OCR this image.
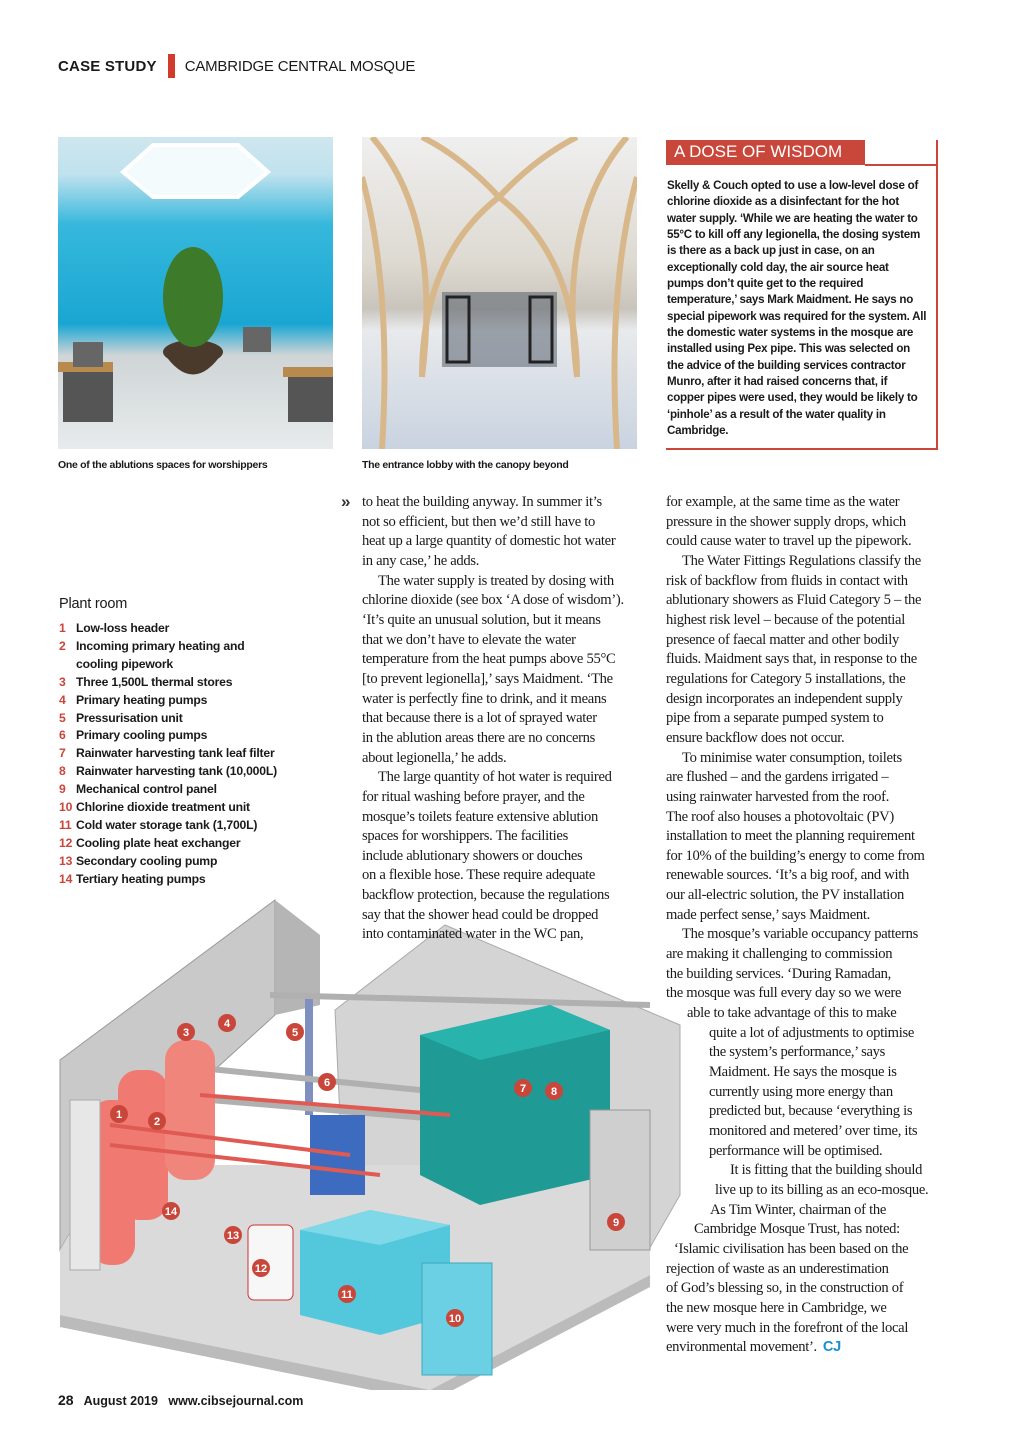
CASE STUDY CAMBRIDGE CENTRAL MOSQUE
One of the ablutions spaces for worshippers	The entrance lobby with the canopy beyond
A DOSE OF WISDOM
Skelly & Couch opted to use a low-level dose of chlorine dioxide as a disinfectant for the hot water supply. ‘While we are heating the water to 55°C to kill off any legionella, the dosing system is there as a back up just in case, on an exceptionally cold day, the air source heat pumps don’t quite get to the required temperature,’ says Mark Maidment. He says no special pipework was required for the system. All the domestic water systems in the mosque are installed using Pex pipe. This was selected on the advice of the building services contractor Munro, after it had raised concerns that, if copper pipes were used, they would be likely to ‘pinhole’ as a result of the water quality in Cambridge.
» to heat the building anyway. In summer it’s
not so efficient, but then we’d still have to
heat up a large quantity of domestic hot water
in any case,’ he adds.
The water supply is treated by dosing with
chlorine dioxide (see box ‘A dose of wisdom’).
‘It’s quite an unusual solution, but it means
that we don’t have to elevate the water
temperature from the heat pumps above 55°C
[to prevent legionella],’ says Maidment. ‘The
water is perfectly fine to drink, and it means
that because there is a lot of sprayed water
in the ablution areas there are no concerns
about legionella,’ he adds.
The large quantity of hot water is required
for ritual washing before prayer, and the
mosque’s toilets feature extensive ablution
spaces for worshippers. The facilities
include ablutionary showers or douches
on a flexible hose. These require adequate
backflow protection, because the regulations
say that the shower head could be dropped
into contaminated water in the WC pan,
for example, at the same time as the water
pressure in the shower supply drops, which
could cause water to travel up the pipework.
The Water Fittings Regulations classify the
risk of backflow from fluids in contact with
ablutionary showers as Fluid Category 5 – the
highest risk level – because of the potential
presence of faecal matter and other bodily
fluids. Maidment says that, in response to the
regulations for Category 5 installations, the
design incorporates an independent supply
pipe from a separate pumped system to
ensure backflow does not occur.
To minimise water consumption, toilets
are flushed – and the gardens irrigated –
using rainwater harvested from the roof.
The roof also houses a photovoltaic (PV)
installation to meet the planning requirement
for 10% of the building’s energy to come from
renewable sources. ‘It’s a big roof, and with
our all-electric solution, the PV installation
made perfect sense,’ says Maidment.
The mosque’s variable occupancy patterns
are making it challenging to commission
the building services. ‘During Ramadan,
the mosque was full every day so we were
able to take advantage of this to make
quite a lot of adjustments to optimise
the system’s performance,’ says
Maidment. He says the mosque is
currently using more energy than
predicted but, because ‘everything is
monitored and metered’ over time, its
performance will be optimised.
It is fitting that the building should
live up to its billing as an eco-mosque.
As Tim Winter, chairman of the
Cambridge Mosque Trust, has noted:
‘Islamic civilisation has been based on the
rejection of waste as an underestimation
of God’s blessing so, in the construction of
the new mosque here in Cambridge, we
were very much in the forefront of the local
environmental movement’. CJ
Plant room
1 Low-loss header
2 Incoming primary heating and cooling pipework
3 Three 1,500L thermal stores
4 Primary heating pumps
5 Pressurisation unit
6 Primary cooling pumps
7 Rainwater harvesting tank leaf filter
8 Rainwater harvesting tank (10,000L)
9 Mechanical control panel
10 Chlorine dioxide treatment unit
11 Cold water storage tank (1,700L)
12 Cooling plate heat exchanger
13 Secondary cooling pump
14 Tertiary heating pumps
1
2
3
4
5
6	7 8
9
10
11
12
13
14
28 August 2019 www.cibsejournal.com
